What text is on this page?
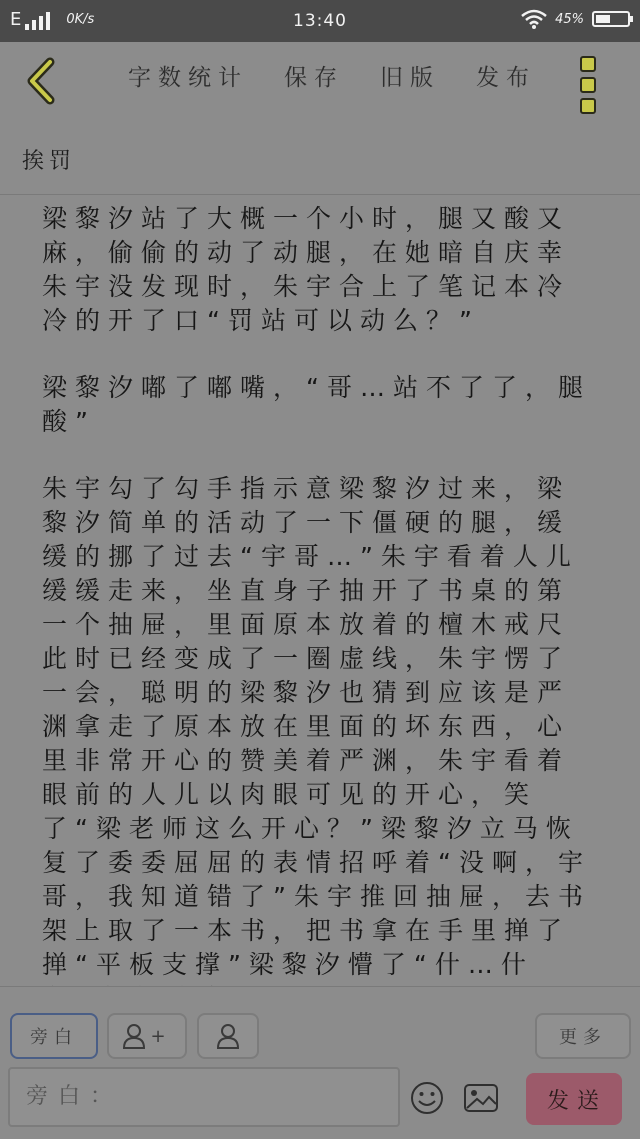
E	0K/s	13:40	45%
字数统计	保存	旧版	发布
挨罚

梁黎汐站了大概一个小时，腿又酸又麻，偷偷的动了动腿，在她暗自庆幸朱宇没发现时，朱宇合上了笔记本冷冷的开了口“罚站可以动么？”

梁黎汐嘟了嘟嘴，“哥…站不了了，腿酸”

朱宇勾了勾手指示意梁黎汐过来，梁黎汐简单的活动了一下僵硬的腿，缓缓的挪了过去“宇哥…”朱宇看着人儿缓缓走来，坐直身子抽开了书桌的第一个抽屉，里面原本放着的檀木戒尺此时已经变成了一圈虚线，朱宇愣了一会，聪明的梁黎汐也猜到应该是严渊拿走了原本放在里面的坏东西，心里非常开心的赞美着严渊，朱宇看着眼前的人儿以肉眼可见的开心，笑了“梁老师这么开心？”梁黎汐立马恢复了委委屈屈的表情招呼着“没啊，宇哥，我知道错了”朱宇推回抽屉，去书架上取了一本书，把书拿在手里掸了掸“平板支撑”梁黎汐懵了“什…什

旁白	+	更多
旁白：	发送
